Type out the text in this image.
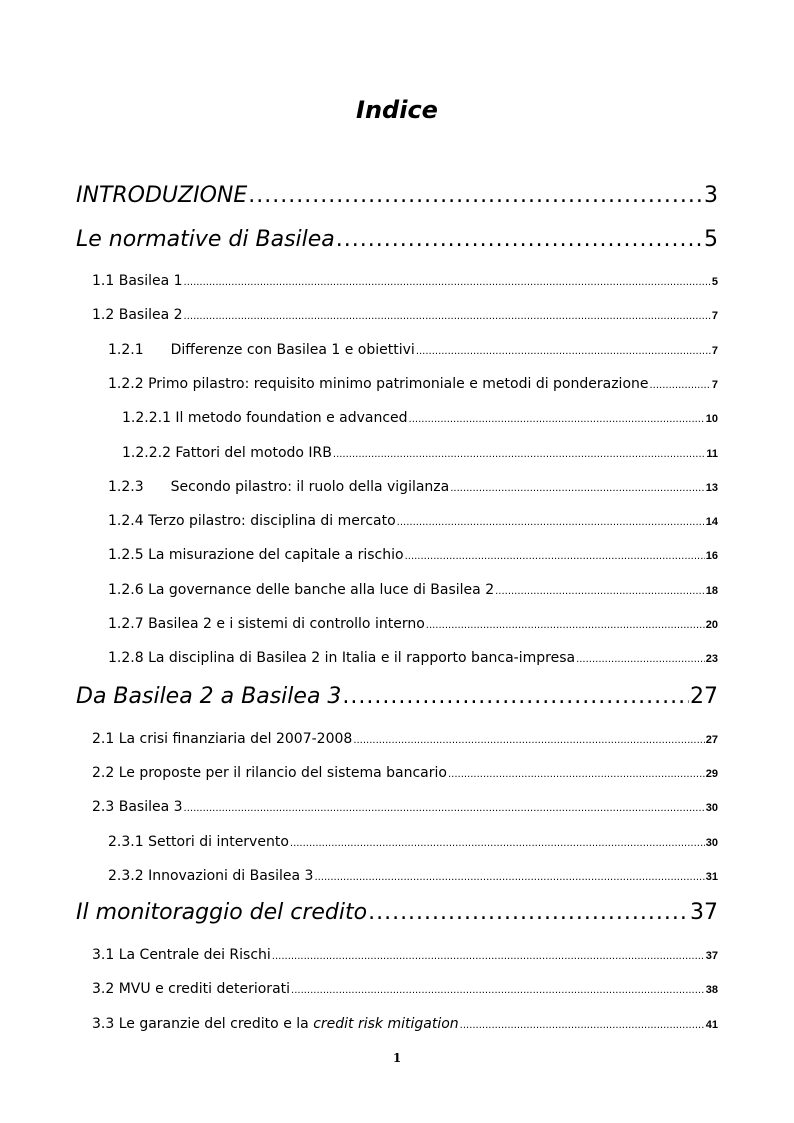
Indice
INTRODUZIONE .....	3
Le normative di Basilea .....	5
1.1 Basilea 1 .....	5
1.2 Basilea 2 .....	7
1.2.1 Differenze con Basilea 1 e obiettivi .....	7
1.2.2 Primo pilastro: requisito minimo patrimoniale e metodi di ponderazione .....	7
1.2.2.1 Il metodo foundation e advanced .....	10
1.2.2.2 Fattori del motodo IRB .....	11
1.2.3 Secondo pilastro: il ruolo della vigilanza .....	13
1.2.4 Terzo pilastro: disciplina di mercato .....	14
1.2.5 La misurazione del capitale a rischio .....	16
1.2.6 La governance delle banche alla luce di Basilea 2 .....	18
1.2.7 Basilea 2 e i sistemi di controllo interno .....	20
1.2.8 La disciplina di Basilea 2 in Italia e il rapporto banca-impresa .....	23
Da Basilea 2 a Basilea 3 .....	27
2.1 La crisi finanziaria del 2007-2008 .....	27
2.2 Le proposte per il rilancio del sistema bancario .....	29
2.3 Basilea 3 .....	30
2.3.1 Settori di intervento .....	30
2.3.2 Innovazioni di Basilea 3 .....	31
Il monitoraggio del credito .....	37
3.1 La Centrale dei Rischi .....	37
3.2 MVU e crediti deteriorati .....	38
3.3 Le garanzie del credito e la credit risk mitigation .....	41
1
